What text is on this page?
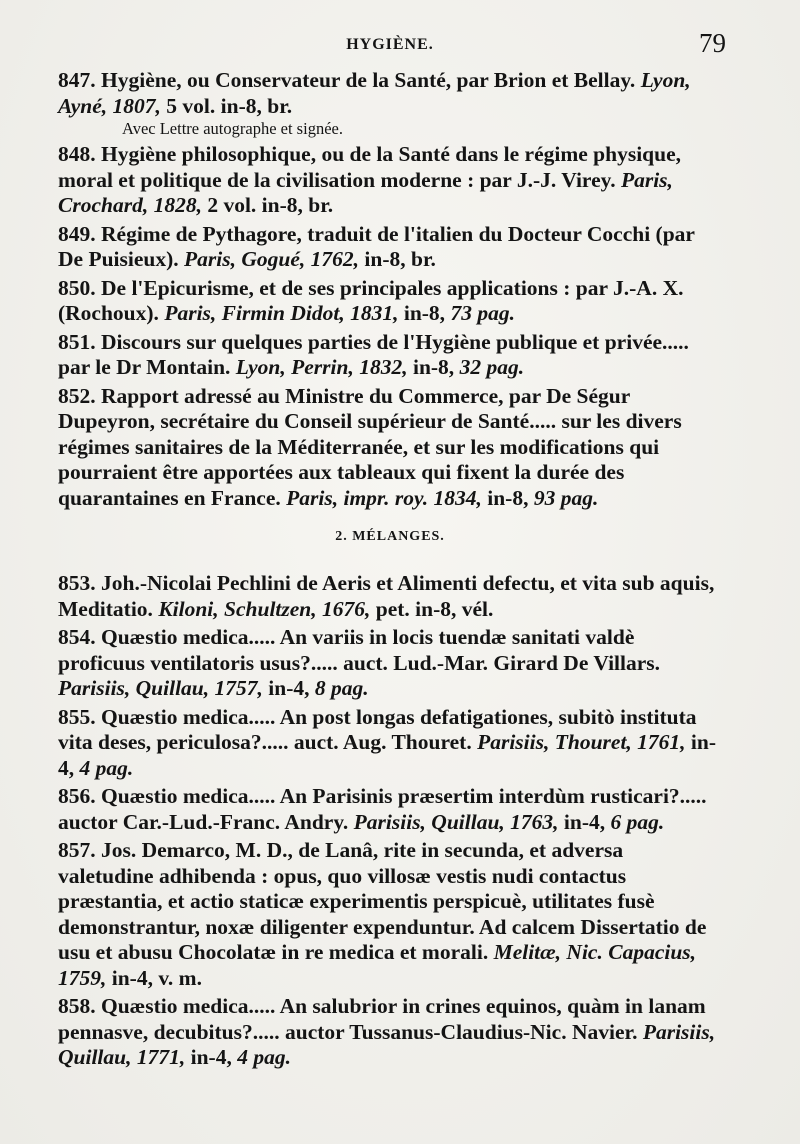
HYGIÈNE.	79
847. Hygiène, ou Conservateur de la Santé, par Brion et Bellay. Lyon, Ayné, 1807, 5 vol. in-8, br.
Avec Lettre autographe et signée.
848. Hygiène philosophique, ou de la Santé dans le régime physique, moral et politique de la civilisation moderne : par J.-J. Virey. Paris, Crochard, 1828, 2 vol. in-8, br.
849. Régime de Pythagore, traduit de l'italien du Docteur Cocchi (par De Puisieux). Paris, Gogué, 1762, in-8, br.
850. De l'Epicurisme, et de ses principales applications : par J.-A. X. (Rochoux). Paris, Firmin Didot, 1831, in-8, 73 pag.
851. Discours sur quelques parties de l'Hygiène publique et privée..... par le Dr Montain. Lyon, Perrin, 1832, in-8, 32 pag.
852. Rapport adressé au Ministre du Commerce, par De Ségur Dupeyron, secrétaire du Conseil supérieur de Santé..... sur les divers régimes sanitaires de la Méditerranée, et sur les modifications qui pourraient être apportées aux tableaux qui fixent la durée des quarantaines en France. Paris, impr. roy. 1834, in-8, 93 pag.
2. MÉLANGES.
853. Joh.-Nicolai Pechlini de Aeris et Alimenti defectu, et vita sub aquis, Meditatio. Kiloni, Schultzen, 1676, pet. in-8, vél.
854. Quæstio medica..... An variis in locis tuendæ sanitati valdè proficuus ventilatoris usus?..... auct. Lud.-Mar. Girard De Villars. Parisiis, Quillau, 1757, in-4, 8 pag.
855. Quæstio medica..... An post longas defatigationes, subitò instituta vita deses, periculosa?..... auct. Aug. Thouret. Parisiis, Thouret, 1761, in-4, 4 pag.
856. Quæstio medica..... An Parisinis præsertim interdùm rusticari?..... auctor Car.-Lud.-Franc. Andry. Parisiis, Quillau, 1763, in-4, 6 pag.
857. Jos. Demarco, M. D., de Lanâ, rite in secunda, et adversa valetudine adhibenda : opus, quo villosæ vestis nudi contactus præstantia, et actio staticæ experimentis perspicuè, utilitates fusè demonstrantur, noxæ diligenter expenduntur. Ad calcem Dissertatio de usu et abusu Chocolatæ in re medica et morali. Melitæ, Nic. Capacius, 1759, in-4, v. m.
858. Quæstio medica..... An salubrior in crines equinos, quàm in lanam pennasve, decubitus?..... auctor Tussanus-Claudius-Nic. Navier. Parisiis, Quillau, 1771, in-4, 4 pag.
